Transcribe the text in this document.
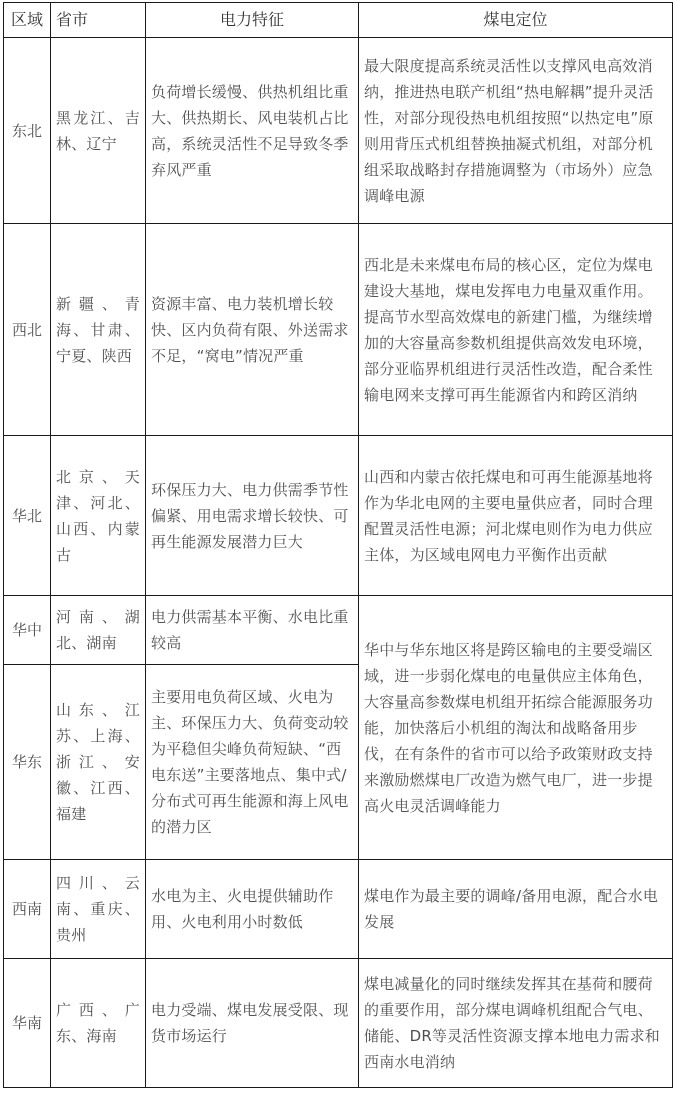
区域	省市	电力特征	煤电定位
东北	黑龙江、吉林、辽宁	负荷增长缓慢、供热机组比重大、供热期长、风电装机占比高，系统灵活性不足导致冬季弃风严重	最大限度提高系统灵活性以支撑风电高效消纳，推进热电联产机组“热电解耦”提升灵活性，对部分现役热电机组按照“以热定电”原则用背压式机组替换抽凝式机组，对部分机组采取战略封存措施调整为（市场外）应急调峰电源
西北	新疆、青海、甘肃、宁夏、陕西	资源丰富、电力装机增长较快、区内负荷有限、外送需求不足，“窝电”情况严重	西北是未来煤电布局的核心区，定位为煤电建设大基地，煤电发挥电力电量双重作用。提高节水型高效煤电的新建门槛，为继续增加的大容量高参数机组提供高效发电环境，部分亚临界机组进行灵活性改造，配合柔性输电网来支撑可再生能源省内和跨区消纳
华北	北京、天津、河北、山西、内蒙古	环保压力大、电力供需季节性偏紧、用电需求增长较快、可再生能源发展潜力巨大	山西和内蒙古依托煤电和可再生能源基地将作为华北电网的主要电量供应者，同时合理配置灵活性电源；河北煤电则作为电力供应主体，为区域电网电力平衡作出贡献
华中	河南、湖北、湖南	电力供需基本平衡、水电比重较高	华中与华东地区将是跨区输电的主要受端区域，进一步弱化煤电的电量供应主体角色，大容量高参数煤电机组开拓综合能源服务功能，加快落后小机组的淘汰和战略备用步伐，在有条件的省市可以给予政策财政支持来激励燃煤电厂改造为燃气电厂，进一步提高火电灵活调峰能力
华东	山东、江苏、上海、浙江、安徽、江西、福建	主要用电负荷区域、火电为主、环保压力大、负荷变动较为平稳但尖峰负荷短缺、“西电东送”主要落地点、集中式/分布式可再生能源和海上风电的潜力区	
西南	四川、云南、重庆、贵州	水电为主、火电提供辅助作用、火电利用小时数低	煤电作为最主要的调峰/备用电源，配合水电发展
华南	广西、广东、海南	电力受端、煤电发展受限、现货市场运行	煤电减量化的同时继续发挥其在基荷和腰荷的重要作用，部分煤电调峰机组配合气电、储能、DR等灵活性资源支撑本地电力需求和西南水电消纳
